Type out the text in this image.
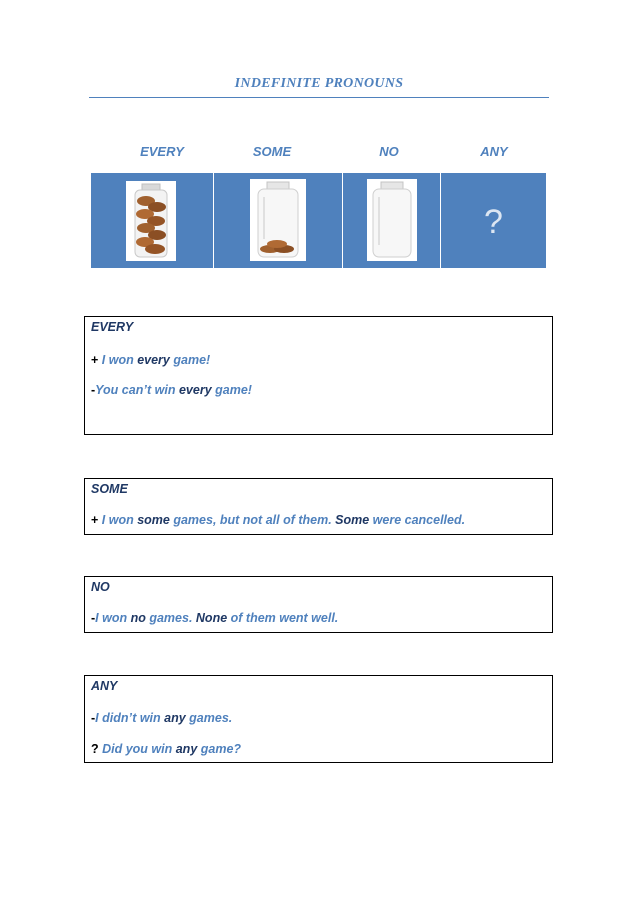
INDEFINITE PRONOUNS
EVERY	SOME	NO	ANY
?
EVERY
+ I won every game!
-You can’t win every game!
SOME
+ I won some games, but not all of them. Some were cancelled.
NO
-I won no games. None of them went well.
ANY
-I didn’t win any games.
? Did you win any game?
